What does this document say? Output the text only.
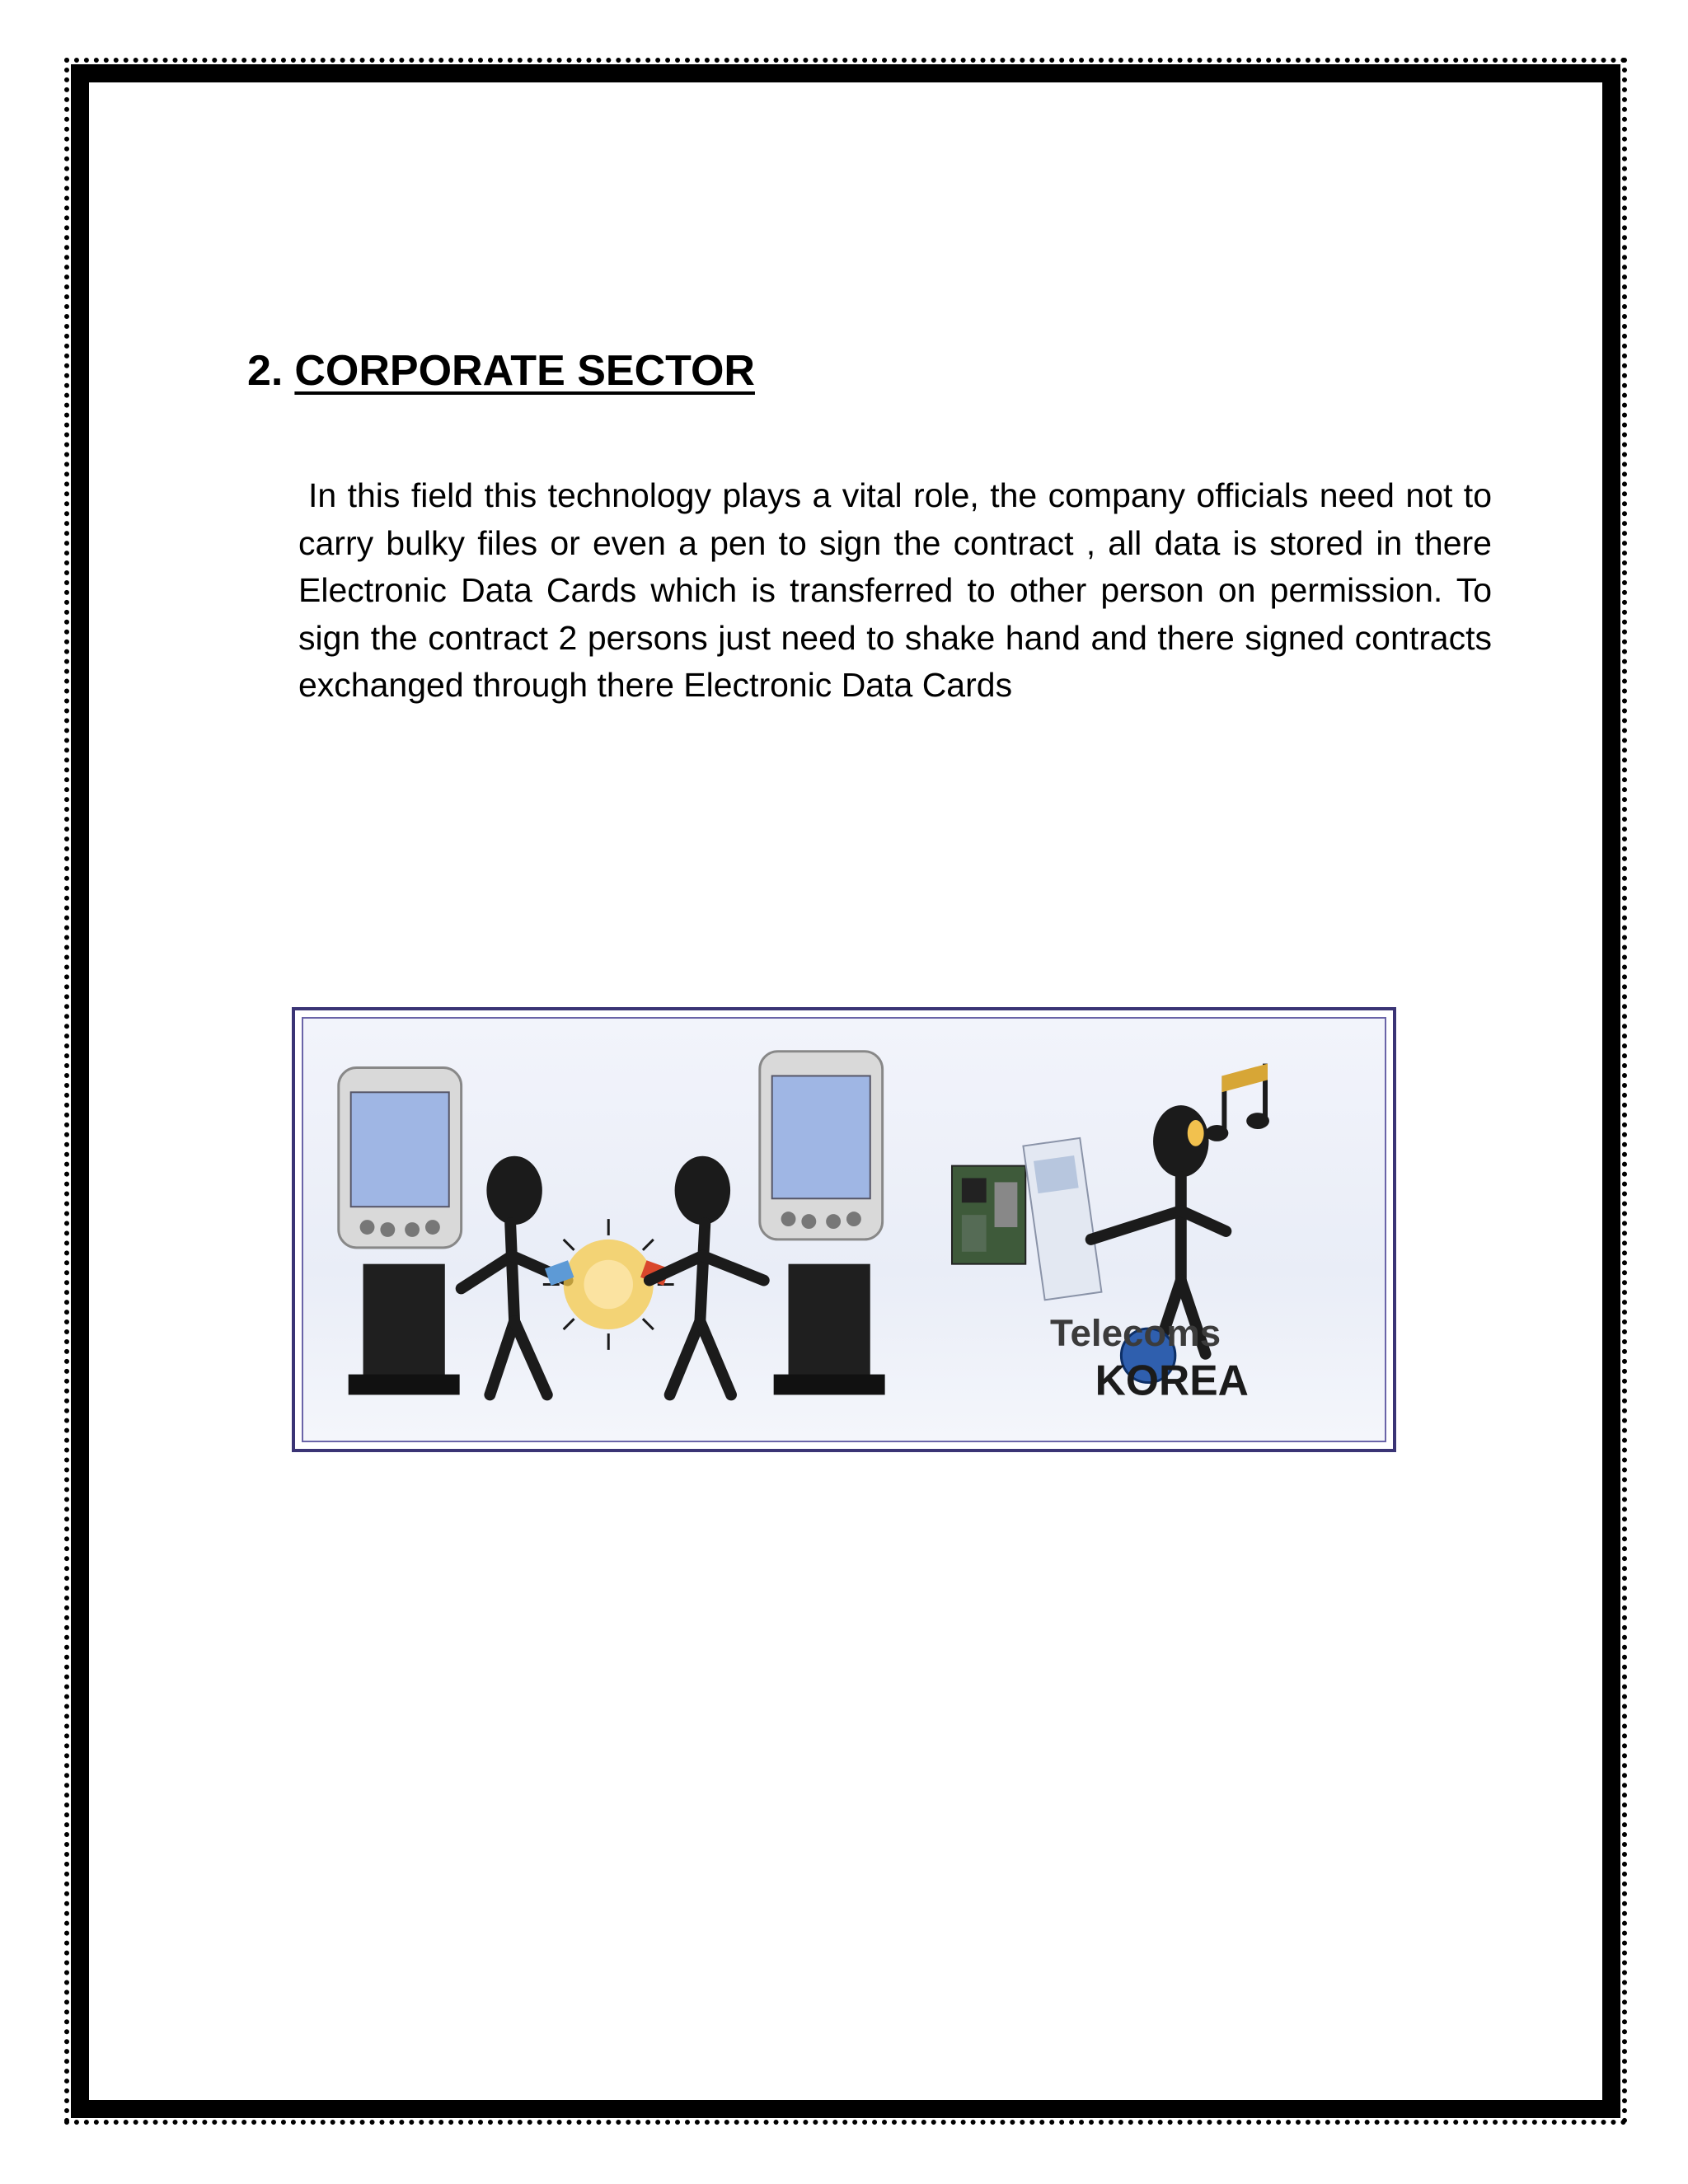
2. CORPORATE SECTOR

In this field this technology plays a vital role, the company officials need not to carry bulky files or even a pen to sign the contract , all data is stored in there Electronic Data Cards which is transferred to other person on permission. To sign the contract 2 persons just need to shake hand and there signed contracts exchanged through there Electronic Data Cards

Telecoms
KOREA
